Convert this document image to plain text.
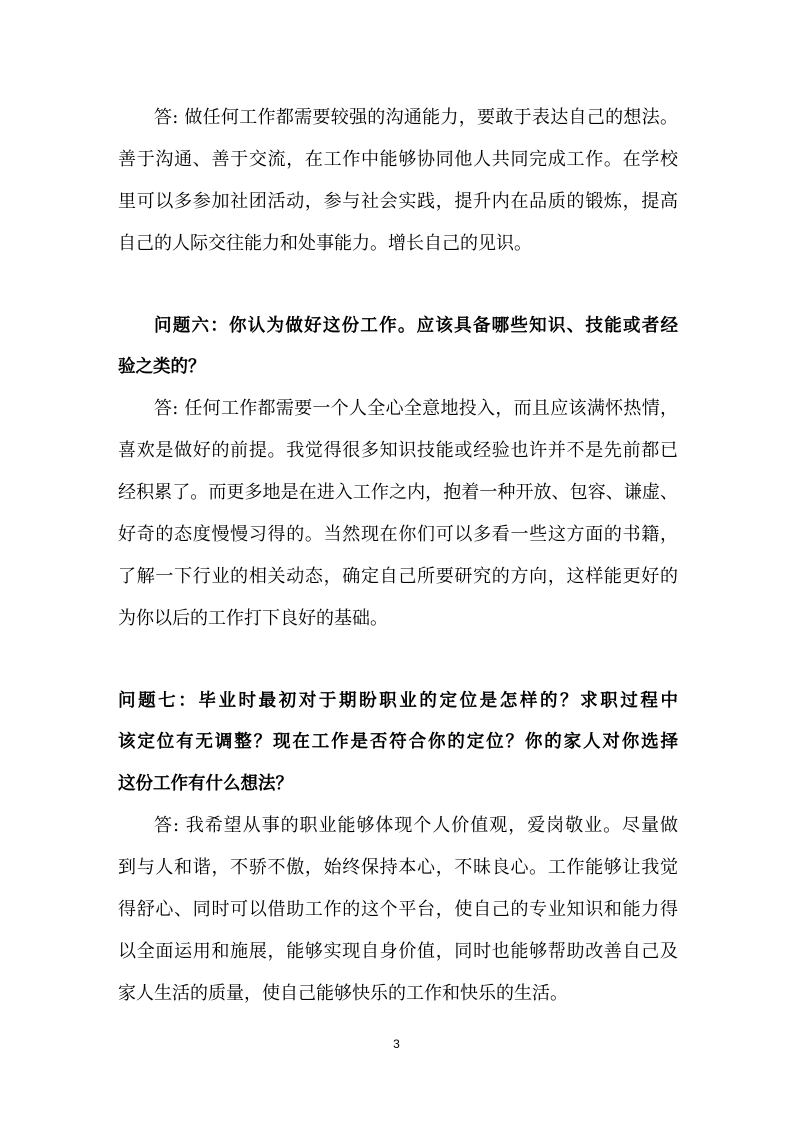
答: 做任何工作都需要较强的沟通能力，要敢于表达自己的想法。
善于沟通、善于交流，在工作中能够协同他人共同完成工作。在学校
里可以多参加社团活动，参与社会实践，提升内在品质的锻炼，提高
自己的人际交往能力和处事能力。增长自己的见识。
问题六：你认为做好这份工作。应该具备哪些知识、技能或者经
验之类的？
答: 任何工作都需要一个人全心全意地投入，而且应该满怀热情，
喜欢是做好的前提。我觉得很多知识技能或经验也许并不是先前都已
经积累了。而更多地是在进入工作之内，抱着一种开放、包容、谦虚、
好奇的态度慢慢习得的。当然现在你们可以多看一些这方面的书籍，
了解一下行业的相关动态，确定自己所要研究的方向，这样能更好的
为你以后的工作打下良好的基础。
问题七：毕业时最初对于期盼职业的定位是怎样的？求职过程中
该定位有无调整？现在工作是否符合你的定位？你的家人对你选择
这份工作有什么想法？
答: 我希望从事的职业能够体现个人价值观，爱岗敬业。尽量做
到与人和谐，不骄不傲，始终保持本心，不昧良心。工作能够让我觉
得舒心、同时可以借助工作的这个平台，使自己的专业知识和能力得
以全面运用和施展，能够实现自身价值，同时也能够帮助改善自己及
家人生活的质量，使自己能够快乐的工作和快乐的生活。
3
